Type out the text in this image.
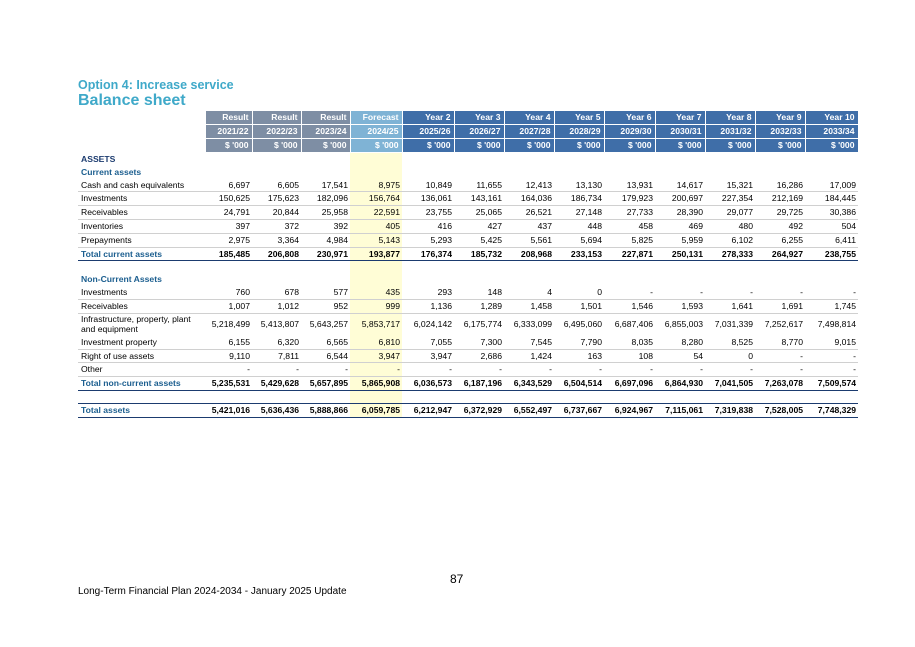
Option 4: Increase service
Balance sheet
	Result	Result	Result	Forecast	Year 2	Year 3	Year 4	Year 5	Year 6	Year 7	Year 8	Year 9	Year 10
	2021/22	2022/23	2023/24	2024/25	2025/26	2026/27	2027/28	2028/29	2029/30	2030/31	2031/32	2032/33	2033/34
	$ '000	$ '000	$ '000	$ '000	$ '000	$ '000	$ '000	$ '000	$ '000	$ '000	$ '000	$ '000	$ '000
ASSETS													
Current assets													
Cash and cash equivalents	6,697	6,605	17,541	8,975	10,849	11,655	12,413	13,130	13,931	14,617	15,321	16,286	17,009
Investments	150,625	175,623	182,096	156,764	136,061	143,161	164,036	186,734	179,923	200,697	227,354	212,169	184,445
Receivables	24,791	20,844	25,958	22,591	23,755	25,065	26,521	27,148	27,733	28,390	29,077	29,725	30,386
Inventories	397	372	392	405	416	427	437	448	458	469	480	492	504
Prepayments	2,975	3,364	4,984	5,143	5,293	5,425	5,561	5,694	5,825	5,959	6,102	6,255	6,411
Total current assets	185,485	206,808	230,971	193,877	176,374	185,732	208,968	233,153	227,871	250,131	278,333	264,927	238,755

Non-Current Assets													
Investments	760	678	577	435	293	148	4	0	-	-	-	-	-
Receivables	1,007	1,012	952	999	1,136	1,289	1,458	1,501	1,546	1,593	1,641	1,691	1,745

Infrastructure, property, plant
and equipment	5,218,499	5,413,807	5,643,257	5,853,717	6,024,142	6,175,774	6,333,099	6,495,060	6,687,406	6,855,003	7,031,339	7,252,617	7,498,814
Investment property	6,155	6,320	6,565	6,810	7,055	7,300	7,545	7,790	8,035	8,280	8,525	8,770	9,015
Right of use assets	9,110	7,811	6,544	3,947	3,947	2,686	1,424	163	108	54	0	-	-
Other	-	-	-	-	-	-	-	-	-	-	-	-	-
Total non-current assets	5,235,531	5,429,628	5,657,895	5,865,908	6,036,573	6,187,196	6,343,529	6,504,514	6,697,096	6,864,930	7,041,505	7,263,078	7,509,574

Total assets	5,421,016	5,636,436	5,888,866	6,059,785	6,212,947	6,372,929	6,552,497	6,737,667	6,924,967	7,115,061	7,319,838	7,528,005	7,748,329
87
Long-Term Financial Plan 2024-2034 - January 2025 Update
